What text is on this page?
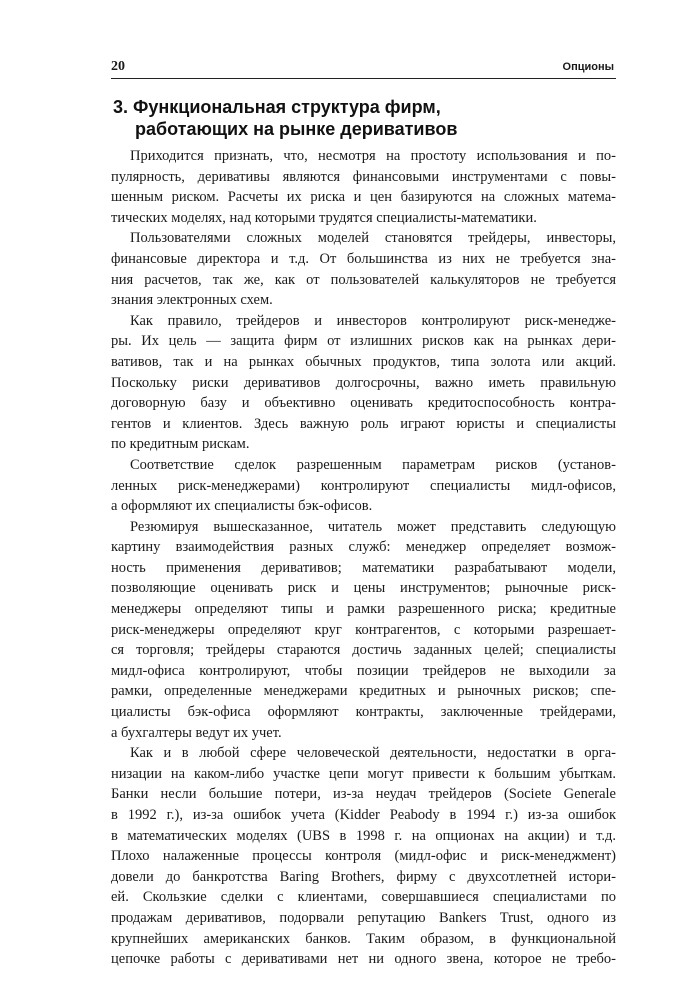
20	Опционы
3. Функциональная структура фирм,
работающих на рынке деривативов
Приходится признать, что, несмотря на простоту использования и по-
пулярность, деривативы являются финансовыми инструментами с повы-
шенным риском. Расчеты их риска и цен базируются на сложных матема-
тических моделях, над которыми трудятся специалисты-математики.
Пользователями сложных моделей становятся трейдеры, инвесторы,
финансовые директора и т.д. От большинства из них не требуется зна-
ния расчетов, так же, как от пользователей калькуляторов не требуется
знания электронных схем.
Как правило, трейдеров и инвесторов контролируют риск-менедже-
ры. Их цель — защита фирм от излишних рисков как на рынках дери-
вативов, так и на рынках обычных продуктов, типа золота или акций.
Поскольку риски деривативов долгосрочны, важно иметь правильную
договорную базу и объективно оценивать кредитоспособность контра-
гентов и клиентов. Здесь важную роль играют юристы и специалисты
по кредитным рискам.
Соответствие сделок разрешенным параметрам рисков (установ-
ленных риск-менеджерами) контролируют специалисты мидл-офисов,
а оформляют их специалисты бэк-офисов.
Резюмируя вышесказанное, читатель может представить следующую
картину взаимодействия разных служб: менеджер определяет возмож-
ность применения деривативов; математики разрабатывают модели,
позволяющие оценивать риск и цены инструментов; рыночные риск-
менеджеры определяют типы и рамки разрешенного риска; кредитные
риск-менеджеры определяют круг контрагентов, с которыми разрешает-
ся торговля; трейдеры стараются достичь заданных целей; специалисты
мидл-офиса контролируют, чтобы позиции трейдеров не выходили за
рамки, определенные менеджерами кредитных и рыночных рисков; спе-
циалисты бэк-офиса оформляют контракты, заключенные трейдерами,
а бухгалтеры ведут их учет.
Как и в любой сфере человеческой деятельности, недостатки в орга-
низации на каком-либо участке цепи могут привести к большим убыткам.
Банки несли большие потери, из-за неудач трейдеров (Societe Generale
в 1992 г.), из-за ошибок учета (Kidder Peabody в 1994 г.) из-за ошибок
в математических моделях (UBS в 1998 г. на опционах на акции) и т.д.
Плохо налаженные процессы контроля (мидл-офис и риск-менеджмент)
довели до банкротства Baring Brothers, фирму с двухсотлетней истори-
ей. Скользкие сделки с клиентами, совершавшиеся специалистами по
продажам деривативов, подорвали репутацию Bankers Trust, одного из
крупнейших американских банков. Таким образом, в функциональной
цепочке работы с деривативами нет ни одного звена, которое не требо-
